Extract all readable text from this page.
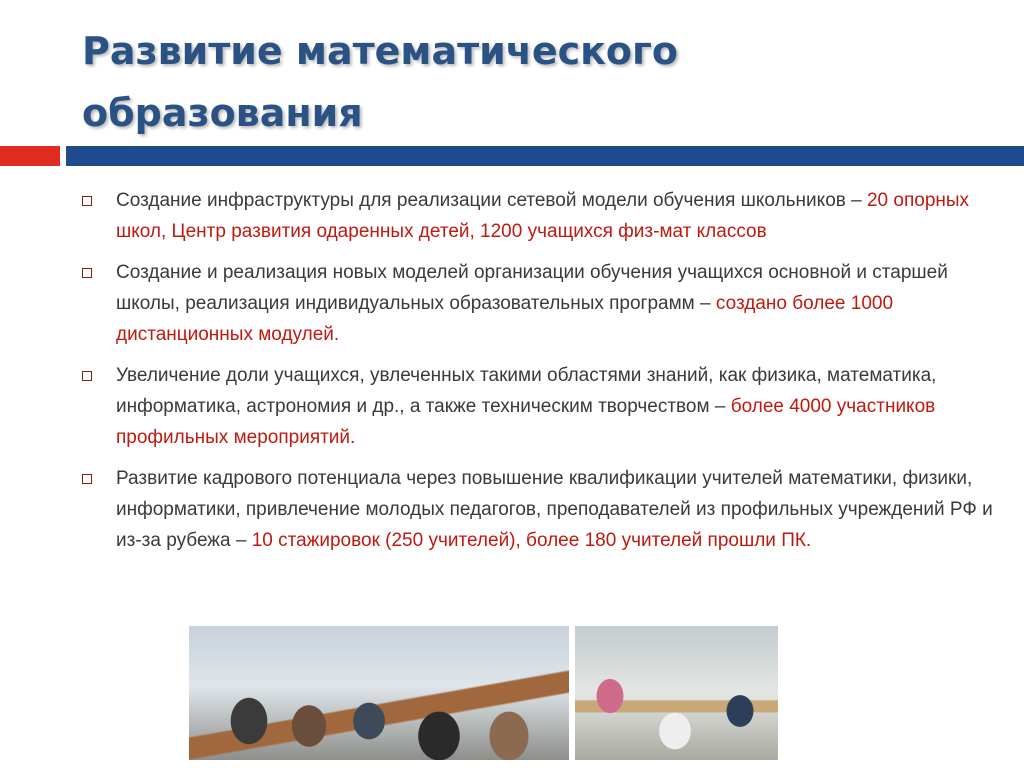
Развитие математического
образования
Создание инфраструктуры для реализации сетевой модели обучения школьников – 20 опорных школ, Центр развития одаренных детей, 1200 учащихся физ-мат классов
Создание и реализация новых моделей организации обучения учащихся основной и старшей школы, реализация индивидуальных образовательных программ – создано более 1000 дистанционных модулей.
Увеличение доли учащихся, увлеченных такими областями знаний, как физика, математика, информатика, астрономия и др., а также техническим творчеством – более 4000 участников профильных мероприятий.
Развитие кадрового потенциала через повышение квалификации учителей математики, физики, информатики, привлечение молодых педагогов, преподавателей из профильных учреждений РФ и из-за рубежа – 10 стажировок (250 учителей), более 180 учителей прошли ПК.
